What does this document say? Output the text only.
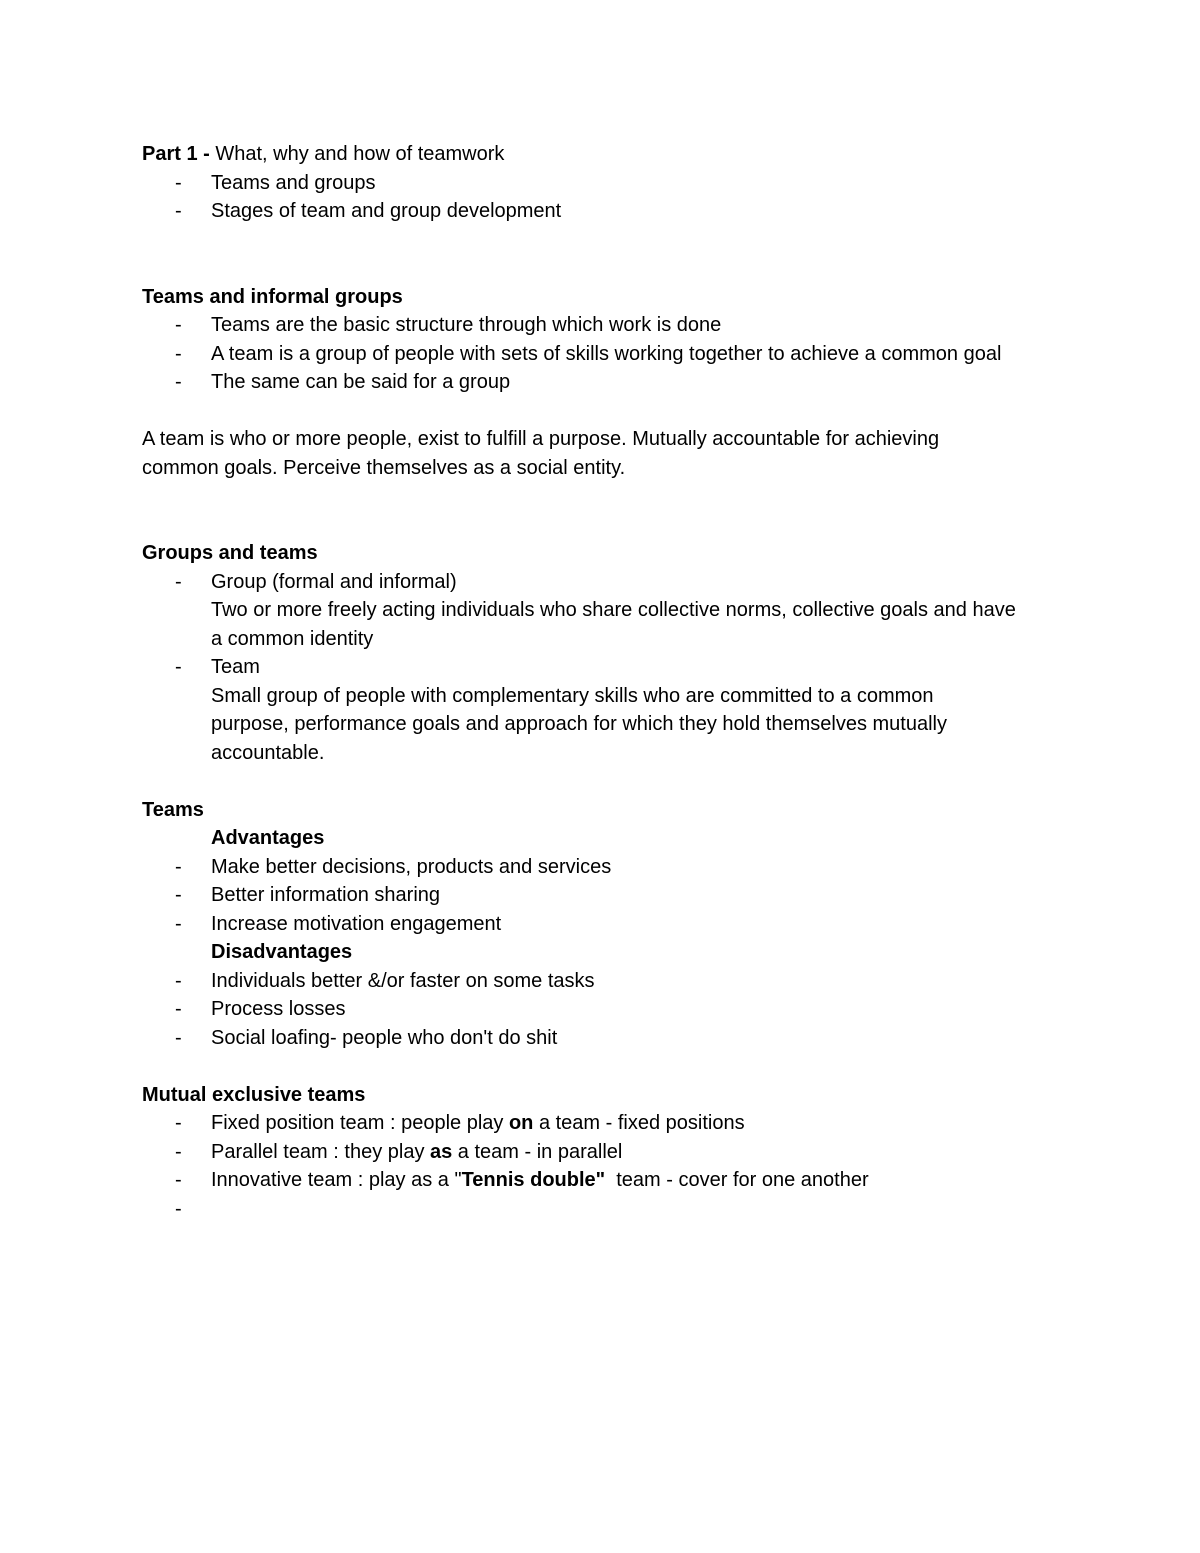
Part 1 - What, why and how of teamwork
- Teams and groups
- Stages of team and group development
Teams and informal groups
- Teams are the basic structure through which work is done
- A team is a group of people with sets of skills working together to achieve a common goal
- The same can be said for a group
A team is who or more people, exist to fulfill a purpose. Mutually accountable for achieving
common goals. Perceive themselves as a social entity.
Groups and teams
- Group (formal and informal)
Two or more freely acting individuals who share collective norms, collective goals and have a common identity
- Team
Small group of people with complementary skills who are committed to a common purpose, performance goals and approach for which they hold themselves mutually accountable.
Teams
Advantages
- Make better decisions, products and services
- Better information sharing
- Increase motivation engagement
Disadvantages
- Individuals better &/or faster on some tasks
- Process losses
- Social loafing- people who don't do shit
Mutual exclusive teams
- Fixed position team : people play on a team - fixed positions
- Parallel team : they play as a team - in parallel
- Innovative team : play as a "Tennis double"  team - cover for one another
-
